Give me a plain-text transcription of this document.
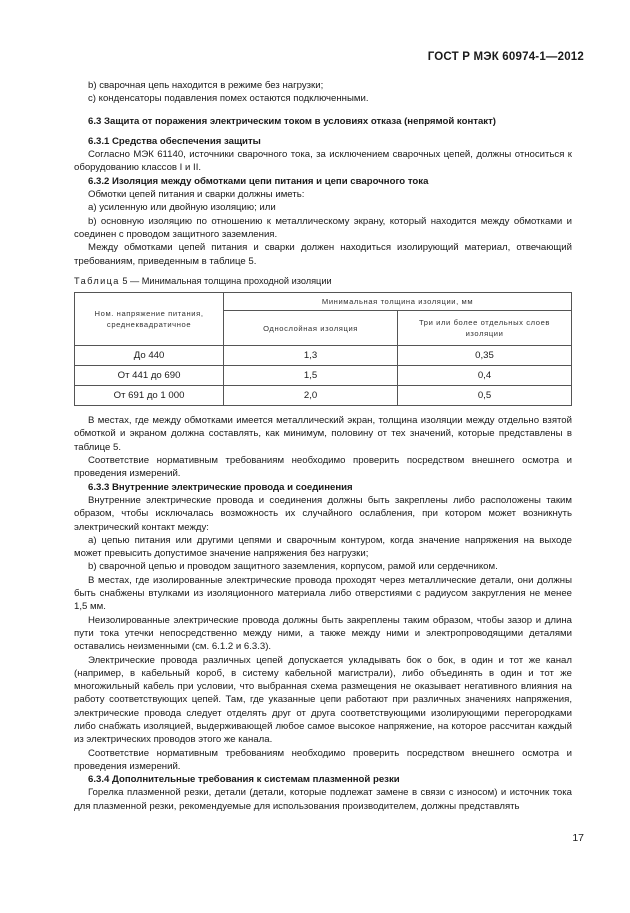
ГОСТ Р МЭК 60974-1—2012

b) сварочная цепь находится в режиме без нагрузки;

c) конденсаторы подавления помех остаются подключенными.

6.3 Защита от поражения электрическим током в условиях отказа (непрямой контакт)

6.3.1 Средства обеспечения защиты

Согласно МЭК 61140, источники сварочного тока, за исключением сварочных цепей, должны относиться к оборудованию классов I и II.

6.3.2 Изоляция между обмотками цепи питания и цепи сварочного тока

Обмотки цепей питания и сварки должны иметь:

а) усиленную или двойную изоляцию; или

b) основную изоляцию по отношению к металлическому экрану, который находится между обмотками и соединен с проводом защитного заземления.

Между обмотками цепей питания и сварки должен находиться изолирующий материал, отвечающий требованиям, приведенным в таблице 5.

Таблица 5 — Минимальная толщина проходной изоляции

Ном. напряжение питания, среднеквадратичное	Минимальная толщина изоляции, мм	
	Однослойная изоляция	Три или более отдельных слоев изоляции
До 440	1,3	0,35
От 441 до 690	1,5	0,4
От 691 до 1 000	2,0	0,5

В местах, где между обмотками имеется металлический экран, толщина изоляции между отдельно взятой обмоткой и экраном должна составлять, как минимум, половину от тех значений, которые представлены в таблице 5.

Соответствие нормативным требованиям необходимо проверить посредством внешнего осмотра и проведения измерений.

6.3.3 Внутренние электрические провода и соединения

Внутренние электрические провода и соединения должны быть закреплены либо расположены таким образом, чтобы исключалась возможность их случайного ослабления, при котором может возникнуть электрический контакт между:

а) цепью питания или другими цепями и сварочным контуром, когда значение напряжения на выходе может превысить допустимое значение напряжения без нагрузки;

b) сварочной цепью и проводом защитного заземления, корпусом, рамой или сердечником.

В местах, где изолированные электрические провода проходят через металлические детали, они должны быть снабжены втулками из изоляционного материала либо отверстиями с радиусом закругления не менее 1,5 мм.

Неизолированные электрические провода должны быть закреплены таким образом, чтобы зазор и длина пути тока утечки непосредственно между ними, а также между ними и электропроводящими деталями оставались неизменными (см. 6.1.2 и 6.3.3).

Электрические провода различных цепей допускается укладывать бок о бок, в один и тот же канал (например, в кабельный короб, в систему кабельной магистрали), либо объединять в один и тот же многожильный кабель при условии, что выбранная схема размещения не оказывает негативного влияния на работу соответствующих цепей. Там, где указанные цепи работают при различных значениях напряжения, электрические провода следует отделять друг от друга соответствующими изолирующими перегородками либо снабжать изоляцией, выдерживающей любое самое высокое напряжение, на которое рассчитан каждый из электрических проводов этого же канала.

Соответствие нормативным требованиям необходимо проверить посредством внешнего осмотра и проведения измерений.

6.3.4 Дополнительные требования к системам плазменной резки

Горелка плазменной резки, детали (детали, которые подлежат замене в связи с износом) и источник тока для плазменной резки, рекомендуемые для использования производителем, должны представлять

17
